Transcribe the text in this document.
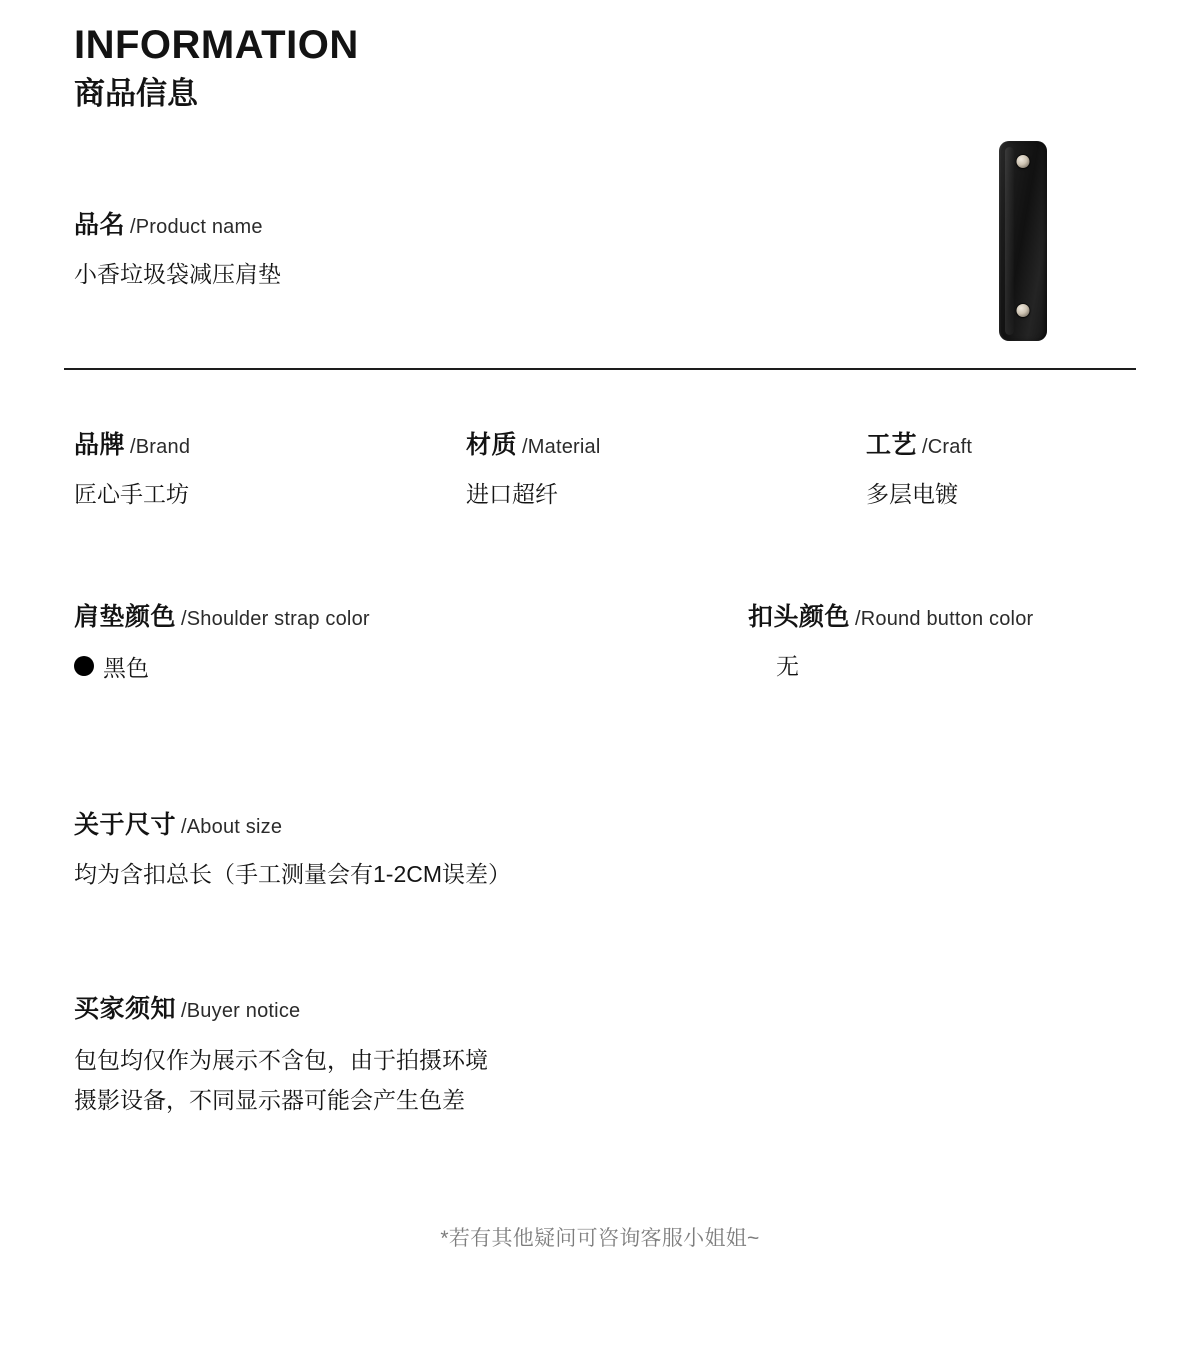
INFORMATION
商品信息
品名 /Product name
小香垃圾袋减压肩垫
品牌 /Brand
匠心手工坊
材质 /Material
进口超纤
工艺 /Craft
多层电镀
肩垫颜色 /Shoulder strap color
黑色
扣头颜色 /Round button color
无
关于尺寸 /About size
均为含扣总长（手工测量会有1-2CM误差）
买家须知 /Buyer notice
包包均仅作为展示不含包，由于拍摄环境
摄影设备，不同显示器可能会产生色差
*若有其他疑问可咨询客服小姐姐~
